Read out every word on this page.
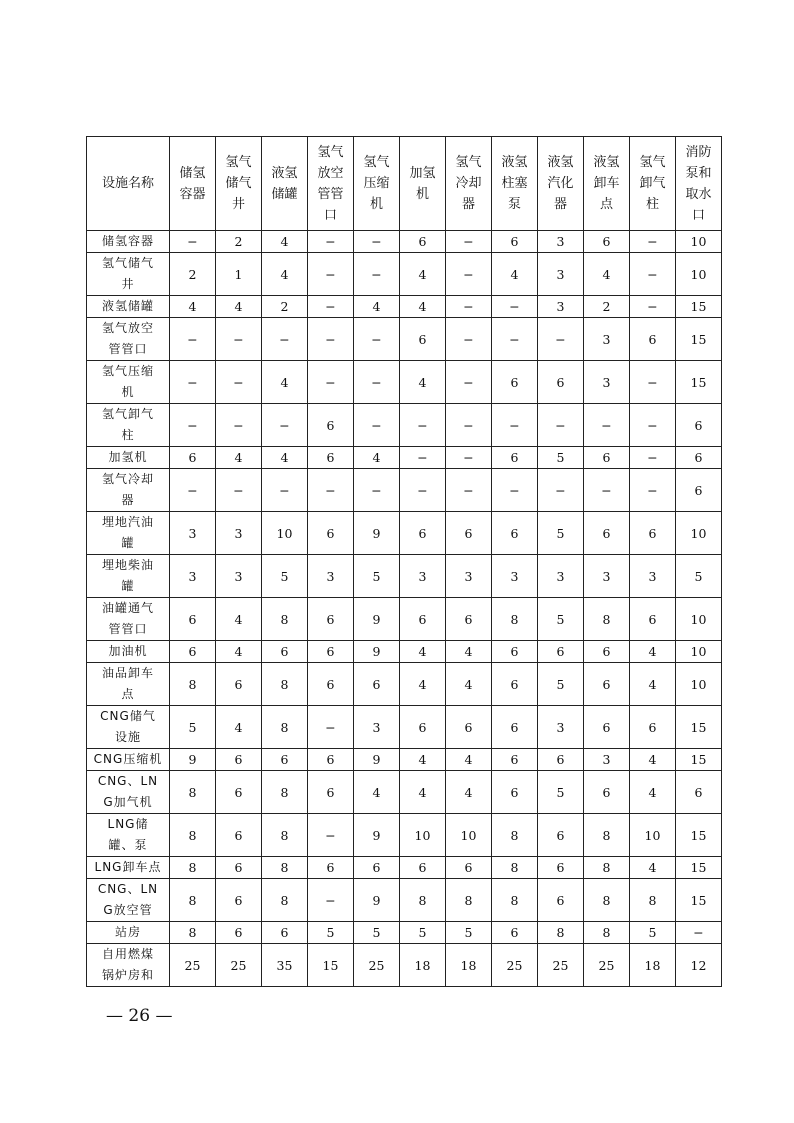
设施名称	储氢容器	氢气储气井	液氢储罐	氢气放空管管口	氢气压缩机	加氢机	氢气冷却器	液氢柱塞泵	液氢汽化器	液氢卸车点	氢气卸气柱	消防泵和取水口
储氢容器	−	2	4	−	−	6	−	6	3	6	−	10
氢气储气井	2	1	4	−	−	4	−	4	3	4	−	10
液氢储罐	4	4	2	−	4	4	−	−	3	2	−	15
氢气放空管管口	−	−	−	−	−	6	−	−	−	3	6	15
氢气压缩机	−	−	4	−	−	4	−	6	6	3	−	15
氢气卸气柱	−	−	−	6	−	−	−	−	−	−	−	6
加氢机	6	4	4	6	4	−	−	6	5	6	−	6
氢气冷却器	−	−	−	−	−	−	−	−	−	−	−	6
埋地汽油罐	3	3	10	6	9	6	6	6	5	6	6	10
埋地柴油罐	3	3	5	3	5	3	3	3	3	3	3	5
油罐通气管管口	6	4	8	6	9	6	6	8	5	8	6	10
加油机	6	4	6	6	9	4	4	6	6	6	4	10
油品卸车点	8	6	8	6	6	4	4	6	5	6	4	10
CNG储气设施	5	4	8	−	3	6	6	6	3	6	6	15
CNG压缩机	9	6	6	6	9	4	4	6	6	3	4	15
CNG、LNG加气机	8	6	8	6	4	4	4	6	5	6	4	6
LNG储罐、泵	8	6	8	−	9	10	10	8	6	8	10	15
LNG卸车点	8	6	8	6	6	6	6	8	6	8	4	15
CNG、LNG放空管	8	6	8	−	9	8	8	8	6	8	8	15
站房	8	6	6	5	5	5	5	6	8	8	5	−
自用燃煤锅炉房和	25	25	35	15	25	18	18	25	25	25	18	12
— 26 —
